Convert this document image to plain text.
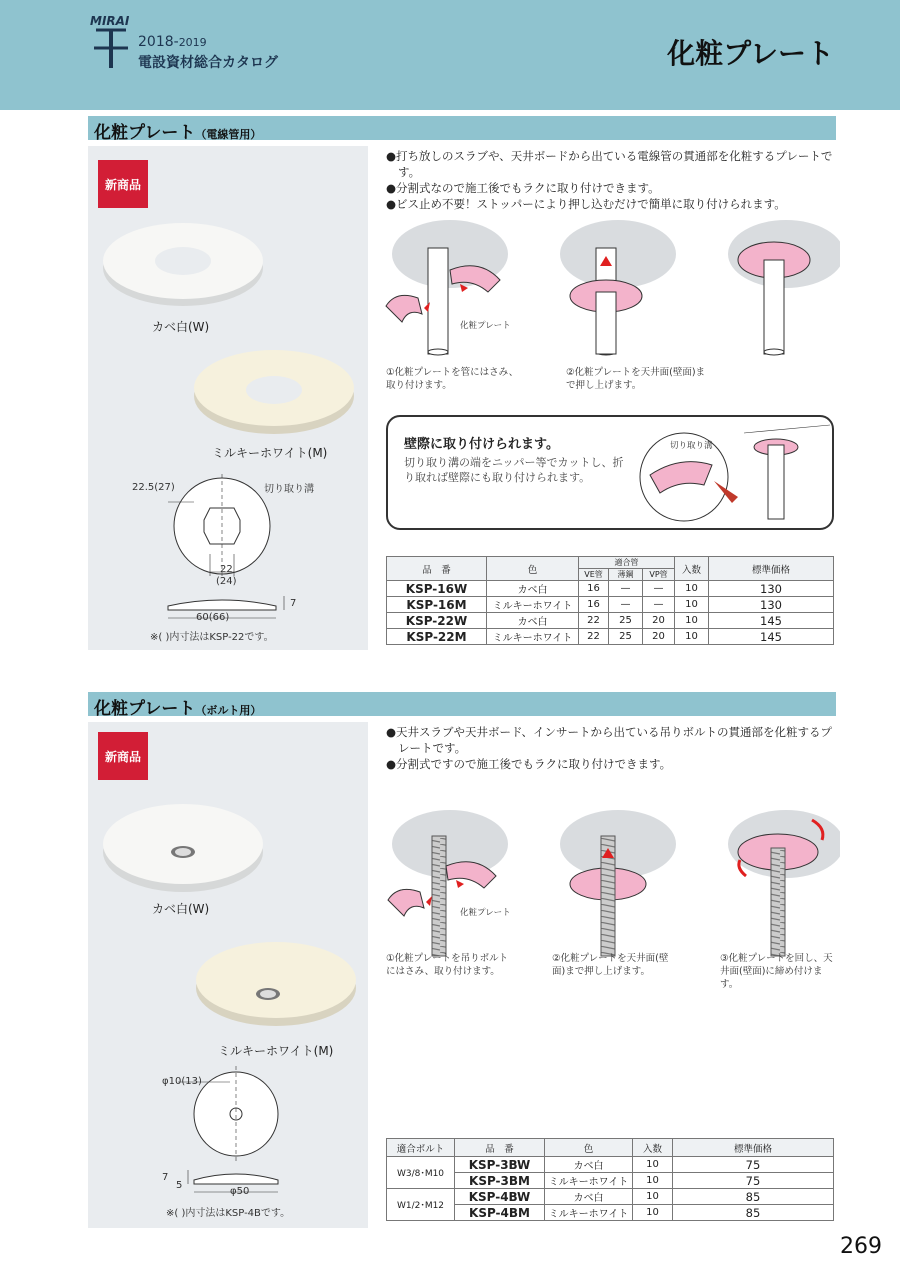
MIRAI
2018-2019
電設資材総合カタログ	化粧プレート
化粧プレート（電線管用）
新商品
カベ白(W)
ミルキーホワイト(M)
22.5(27)	切り取り溝
22
(24)
60(66)
7
※( )内寸法はKSP-22です。
●打ち放しのスラブや、天井ボードから出ている電線管の貫通部を化粧するプレートです。
●分割式なので施工後でもラクに取り付けできます。
●ビス止め不要！ストッパーにより押し込むだけで簡単に取り付けられます。
化粧プレート
①化粧プレートを管にはさみ、取り付けます。
②化粧プレートを天井面(壁面)まで押し上げます。
壁際に取り付けられます。
切り取り溝の端をニッパー等でカットし、折り取れば壁際にも取り付けられます。
切り取り溝
品　番	色	適合管			入数	標準価格
		VE管	薄鋼	VP管		
KSP-16W	カベ白	16	—	—	10	130
KSP-16M	ミルキーホワイト	16	—	—	10	130
KSP-22W	カベ白	22	25	20	10	145
KSP-22M	ミルキーホワイト	22	25	20	10	145
化粧プレート（ボルト用）
新商品
カベ白(W)
ミルキーホワイト(M)
φ10(13)
7
5
φ50
※( )内寸法はKSP-4Bです。
●天井スラブや天井ボード、インサートから出ている吊りボルトの貫通部を化粧するプレートです。
●分割式ですので施工後でもラクに取り付けできます。
化粧プレート
①化粧プレートを吊りボルトにはさみ、取り付けます。
②化粧プレートを天井面(壁面)まで押し上げます。
③化粧プレートを回し、天井面(壁面)に締め付けます。
適合ボルト	品　番	色	入数	標準価格
W3/8･M10	KSP-3BW	カベ白	10	75
	KSP-3BM	ミルキーホワイト	10	75
W1/2･M12	KSP-4BW	カベ白	10	85
	KSP-4BM	ミルキーホワイト	10	85
269
